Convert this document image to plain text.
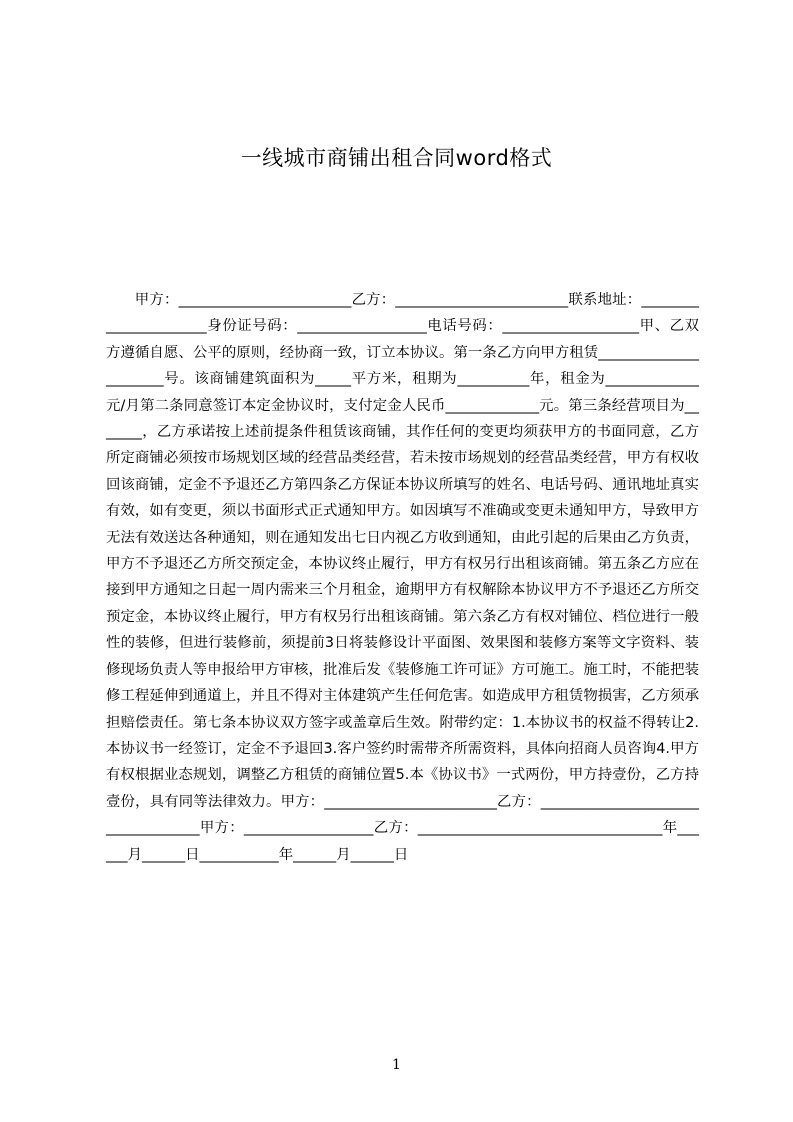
一线城市商铺出租合同word格式

甲方：________________________乙方：________________________联系地址：______________________身份证号码：__________________电话号码：___________________甲、乙双方遵循自愿、公平的原则，经协商一致，订立本协议。第一条乙方向甲方租赁______________________号。该商铺建筑面积为_____平方米，租期为__________年，租金为_____________元/月第二条同意签订本定金协议时，支付定金人民币_____________元。第三条经营项目为_______，乙方承诺按上述前提条件租赁该商铺，其作任何的变更均须获甲方的书面同意，乙方所定商铺必须按市场规划区域的经营品类经营，若未按市场规划的经营品类经营，甲方有权收回该商铺，定金不予退还乙方第四条乙方保证本协议所填写的姓名、电话号码、通讯地址真实有效，如有变更，须以书面形式正式通知甲方。如因填写不准确或变更未通知甲方，导致甲方无法有效送达各种通知，则在通知发出七日内视乙方收到通知，由此引起的后果由乙方负责，甲方不予退还乙方所交预定金，本协议终止履行，甲方有权另行出租该商铺。第五条乙方应在接到甲方通知之日起一周内需来三个月租金，逾期甲方有权解除本协议甲方不予退还乙方所交预定金，本协议终止履行，甲方有权另行出租该商铺。第六条乙方有权对铺位、档位进行一般性的装修，但进行装修前，须提前3日将装修设计平面图、效果图和装修方案等文字资料、装修现场负责人等申报给甲方审核，批准后发《装修施工许可证》方可施工。施工时，不能把装修工程延伸到通道上，并且不得对主体建筑产生任何危害。如造成甲方租赁物损害，乙方须承担赔偿责任。第七条本协议双方签字或盖章后生效。附带约定：1.本协议书的权益不得转让2.本协议书一经签订，定金不予退回3.客户签约时需带齐所需资料，具体向招商人员咨询4.甲方有权根据业态规划，调整乙方租赁的商铺位置5.本《协议书》一式两份，甲方持壹份，乙方持壹份，具有同等法律效力。甲方：________________________乙方：___________________________________甲方：__________________乙方：__________________________________年______月______日___________年______月______日

1
